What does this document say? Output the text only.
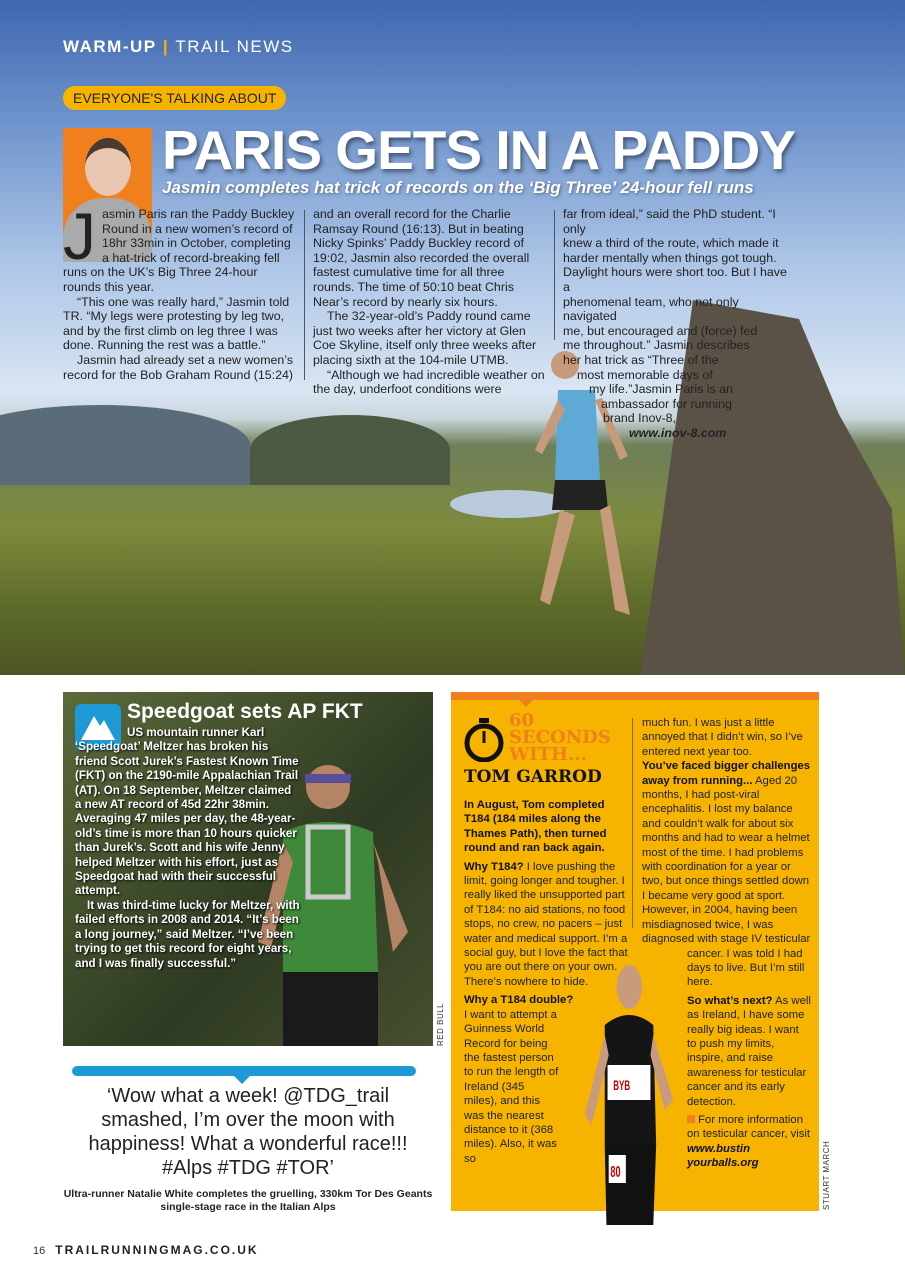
WARM-UP | TRAIL NEWS
EVERYONE'S TALKING ABOUT
PARIS GETS IN A PADDY
Jasmin completes hat trick of records on the ‘Big Three’ 24-hour fell runs
J asmin Paris ran the Paddy Buckley Round in a new women’s record of 18hr 33min in October, completing a hat-trick of record-breaking fell runs on the UK’s Big Three 24-hour rounds this year.

“This one was really hard,” Jasmin told TR. “My legs were protesting by leg two, and by the first climb on leg three I was done. Running the rest was a battle.”

Jasmin had already set a new women’s record for the Bob Graham Round (15:24)

and an overall record for the Charlie Ramsay Round (16:13). But in beating Nicky Spinks’ Paddy Buckley record of 19:02, Jasmin also recorded the overall fastest cumulative time for all three rounds. The time of 50:10 beat Chris Near’s record by nearly six hours.

The 32-year-old’s Paddy round came just two weeks after her victory at Glen Coe Skyline, itself only three weeks after placing sixth at the 104-mile UTMB.

“Although we had incredible weather on the day, underfoot conditions were

far from ideal,” said the PhD student. “I only
knew a third of the route, which made it
harder mentally when things got tough.
Daylight hours were short too. But I have a
phenomenal team, who not only navigated
me, but encouraged and (force) fed
me throughout.” Jasmin describes
her hat trick as “Three of the
most memorable days of
my life.”Jasmin Paris is an
ambassador for running
brand Inov-8,
www.inov-8.com
Speedgoat sets AP FKT

US mountain runner Karl
‘Speedgoat’ Meltzer has broken his friend Scott Jurek’s Fastest Known Time (FKT) on the 2190-mile Appalachian Trail (AT). On 18 September, Meltzer claimed a new AT record of 45d 22hr 38min. Averaging 47 miles per day, the 48-year-old’s time is more than 10 hours quicker than Jurek’s. Scott and his wife Jenny helped Meltzer with his effort, just as Speedgoat had with their successful attempt.

It was third-time lucky for Meltzer, with failed efforts in 2008 and 2014. “It’s been a long journey,” said Meltzer. “I’ve been trying to get this record for eight years, and I was finally successful.”

RED BULL
‘Wow what a week! @TDG_trail smashed, I’m over the moon with happiness! What a wonderful race!!! #Alps #TDG #TOR’
Ultra-runner Natalie White completes the gruelling, 330km Tor Des Geants single-stage race in the Italian Alps
60
SECONDS
WITH...
TOM GARROD
BYB
80

In August, Tom completed T184 (184 miles along the Thames Path), then turned round and ran back again.

Why T184? I love pushing the limit, going longer and tougher. I really liked the unsupported part of T184: no aid stations, no food stops, no crew, no pacers – just water and medical support. I’m a social guy, but I love the fact that you are out there on your own. There’s nowhere to hide.

Why a T184 double? I want to attempt a Guinness World Record for being the fastest person to run the length of Ireland (345 miles), and this was the nearest distance to it (368 miles). Also, it was so

much fun. I was just a little annoyed that I didn’t win, so I’ve entered next year too.

You’ve faced bigger challenges away from running... Aged 20 months, I had post-viral encephalitis. I lost my balance and couldn’t walk for about six months and had to wear a helmet most of the time. I had problems with coordination for a year or two, but once things settled down I became very good at sport. However, in 2004, having been misdiagnosed twice, I was diagnosed with stage IV testicular cancer. I was told I had days to live. But I’m still here.

So what’s next? As well as Ireland, I have some really big ideas. I want to push my limits, inspire, and raise awareness for testicular cancer and its early detection.

For more information on testicular cancer, visit www.bustin yourballs.org	STUART MARCH
16 TRAILRUNNINGMAG.CO.UK
